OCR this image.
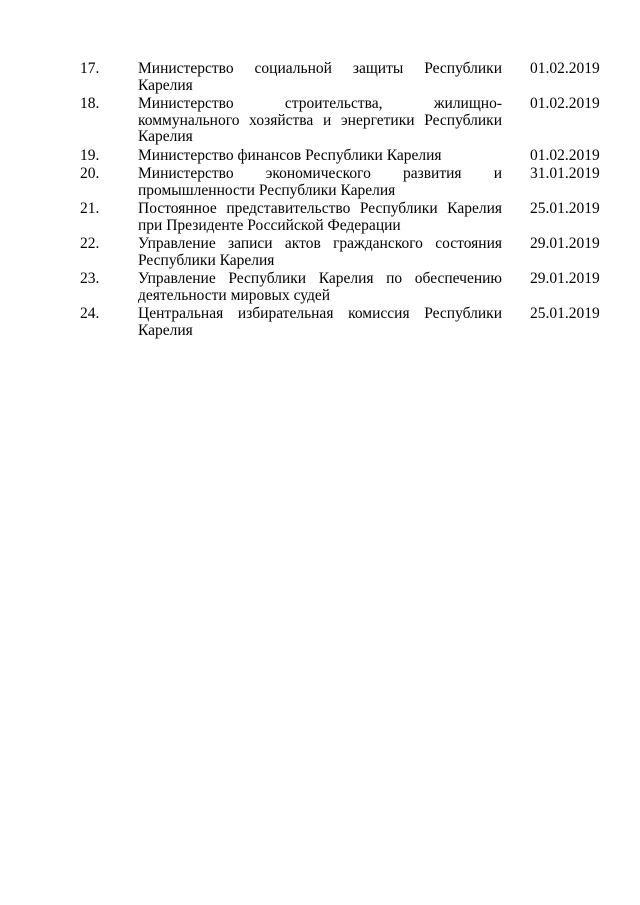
17.	Министерство социальной защиты Республики Карелия	01.02.2019
18.	Министерство строительства, жилищно-коммунального хозяйства и энергетики Республики Карелия	01.02.2019
19.	Министерство финансов Республики Карелия	01.02.2019
20.	Министерство экономического развития и промышленности Республики Карелия	31.01.2019
21.	Постоянное представительство Республики Карелия при Президенте Российской Федерации	25.01.2019
22.	Управление записи актов гражданского состояния Республики Карелия	29.01.2019
23.	Управление Республики Карелия по обеспечению деятельности мировых судей	29.01.2019
24.	Центральная избирательная комиссия Республики Карелия	25.01.2019
